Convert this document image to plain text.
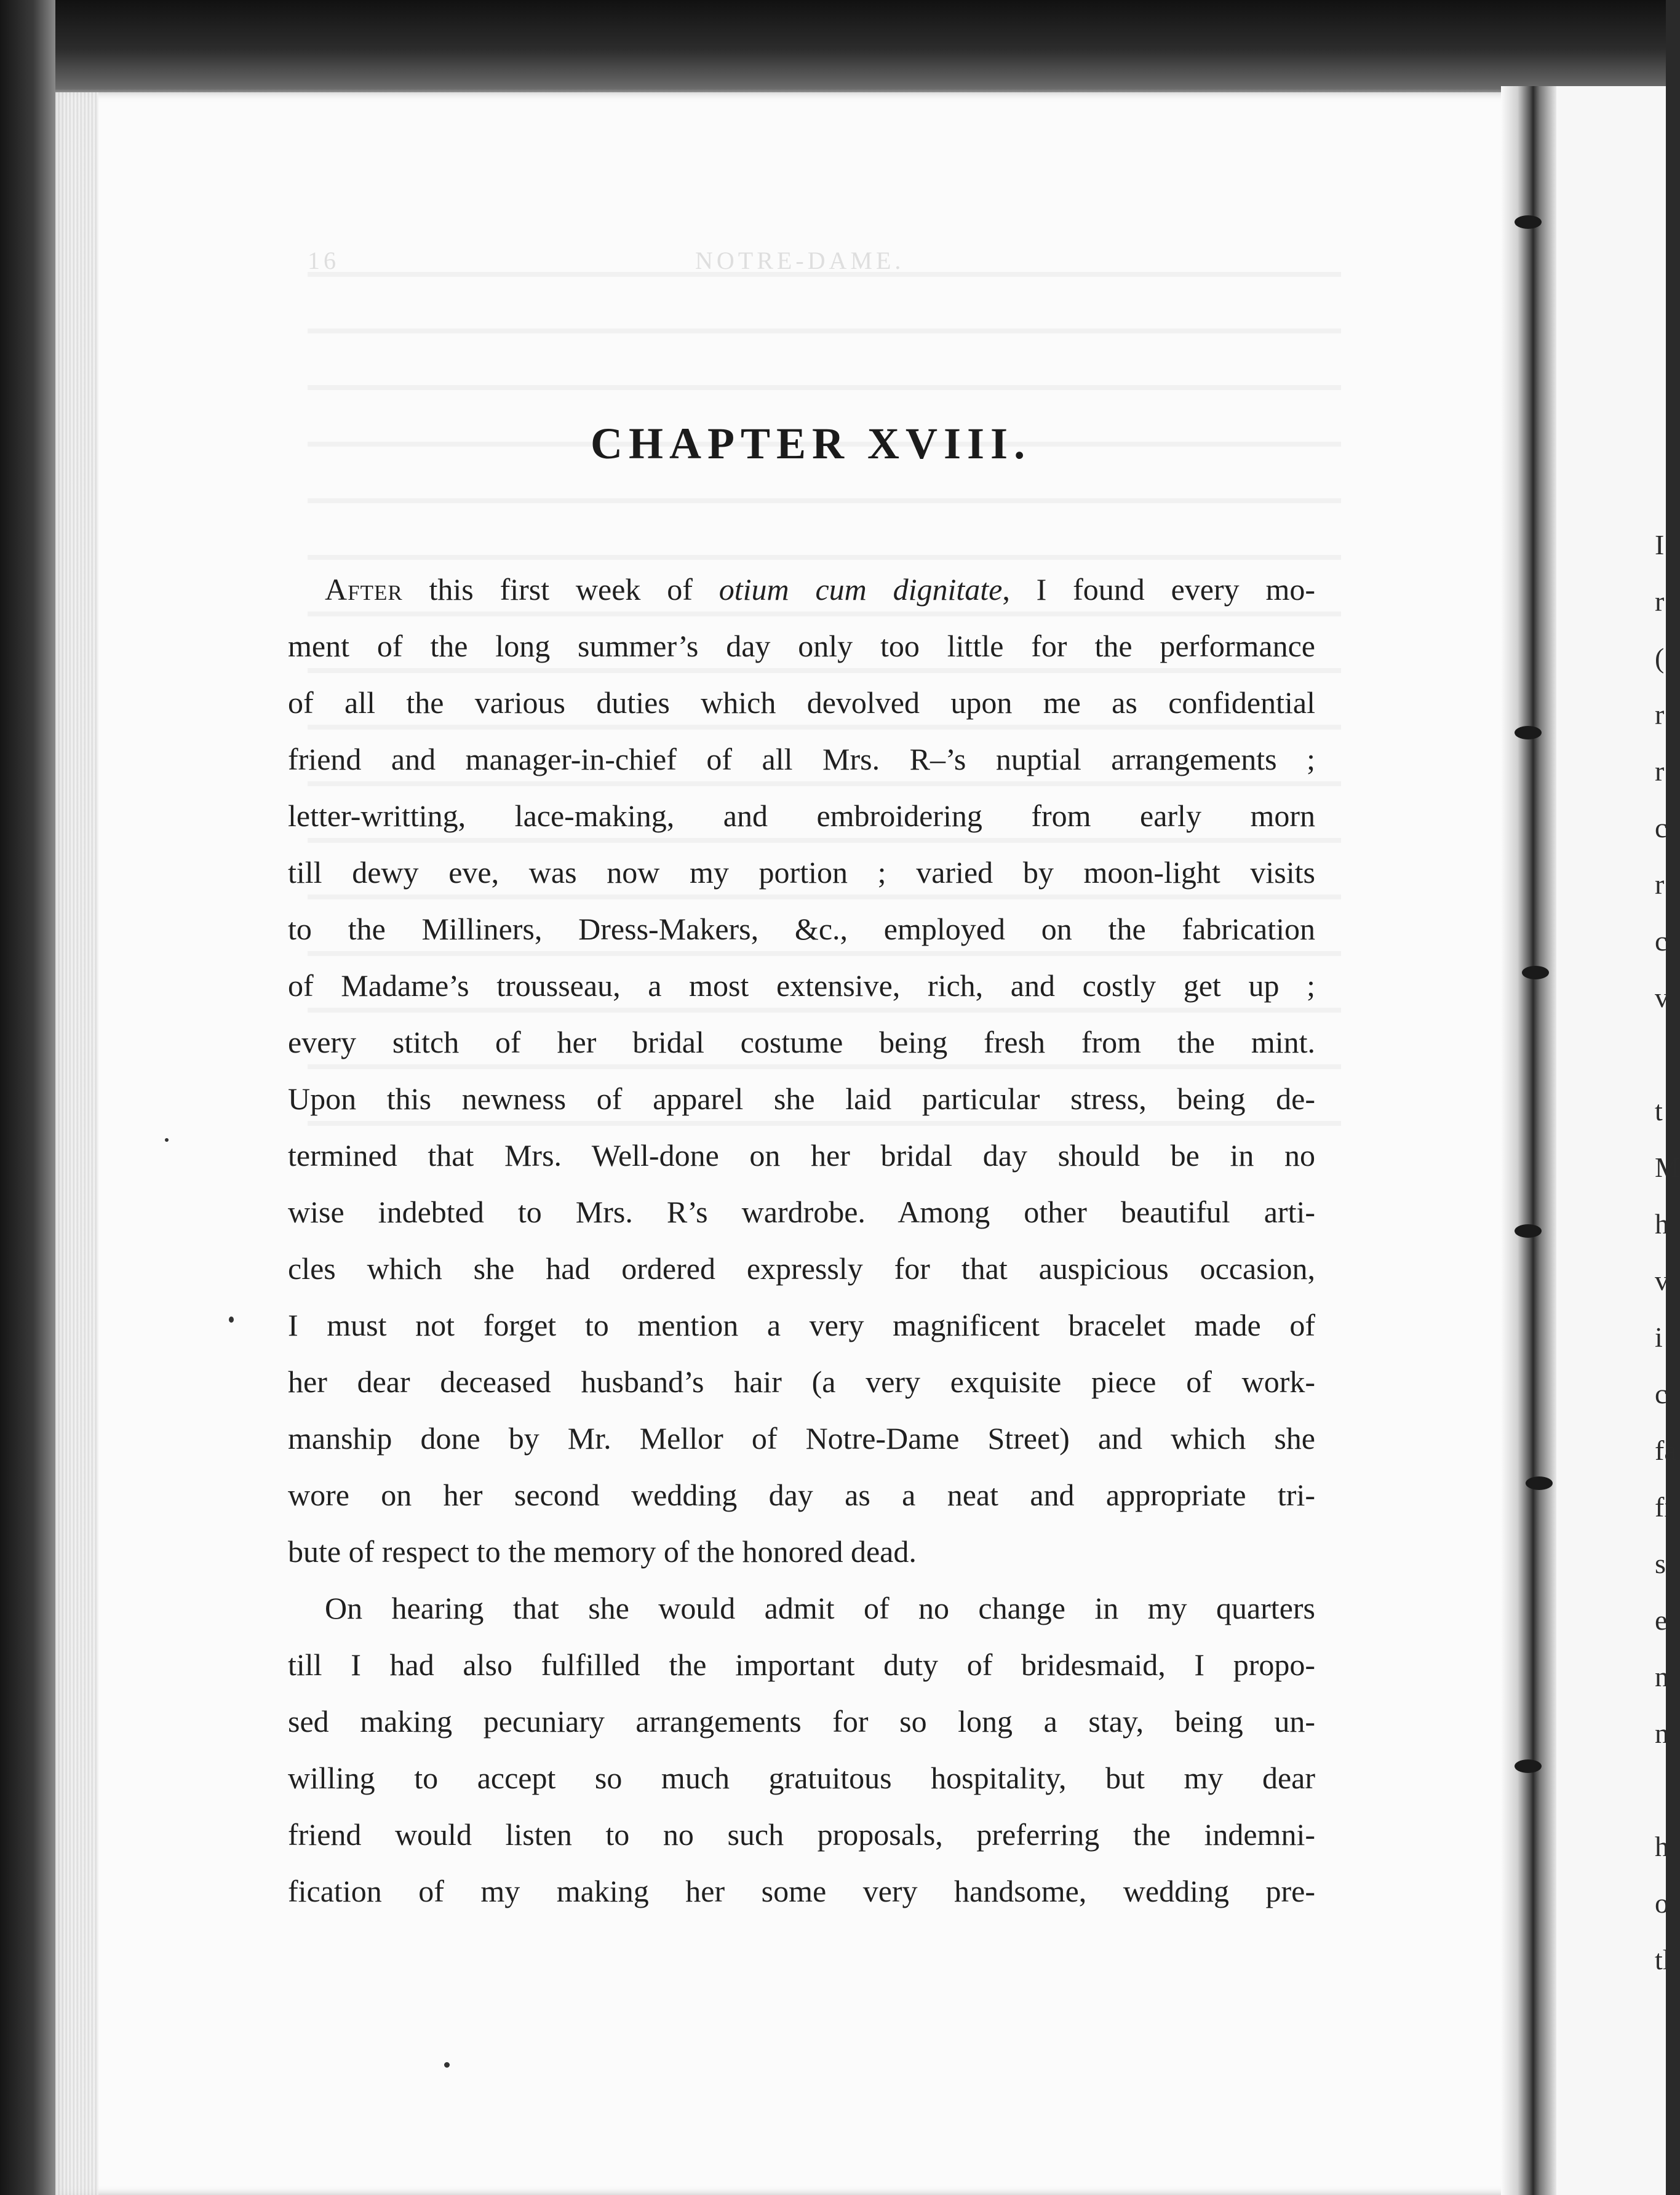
16	NOTRE-DAME.
CHAPTER XVIII.
After this first week of otium cum dignitate, I found every mo-
ment of the long summer’s day only too little for the performance
of all the various duties which devolved upon me as confidential
friend and manager-in-chief of all Mrs. R–’s nuptial arrangements ;
letter-writting, lace-making, and embroidering from early morn
till dewy eve, was now my portion ; varied by moon-light visits
to the Milliners, Dress-Makers, &c., employed on the fabrication
of Madame’s trousseau, a most extensive, rich, and costly get up ;
every stitch of her bridal costume being fresh from the mint.
Upon this newness of apparel she laid particular stress, being de-
termined that Mrs. Well-done on her bridal day should be in no
wise indebted to Mrs. R’s wardrobe. Among other beautiful arti-
cles which she had ordered expressly for that auspicious occasion,
I must not forget to mention a very magnificent bracelet made of
her dear deceased husband’s hair (a very exquisite piece of work-
manship done by Mr. Mellor of Notre-Dame Street) and which she
wore on her second wedding day as a neat and appropriate tri-
bute of respect to the memory of the honored dead.
On hearing that she would admit of no change in my quarters
till I had also fulfilled the important duty of bridesmaid, I propo-
sed making pecuniary arrangements for so long a stay, being un-
willing to accept so much gratuitous hospitality, but my dear
friend would listen to no such proposals, preferring the indemni-
fication of my making her some very handsome, wedding pre-
I
r
(
r
r
c
r
c
v
t
M
h
v
i
c
fa
fi
s.
e
n
n
h
o
tl
